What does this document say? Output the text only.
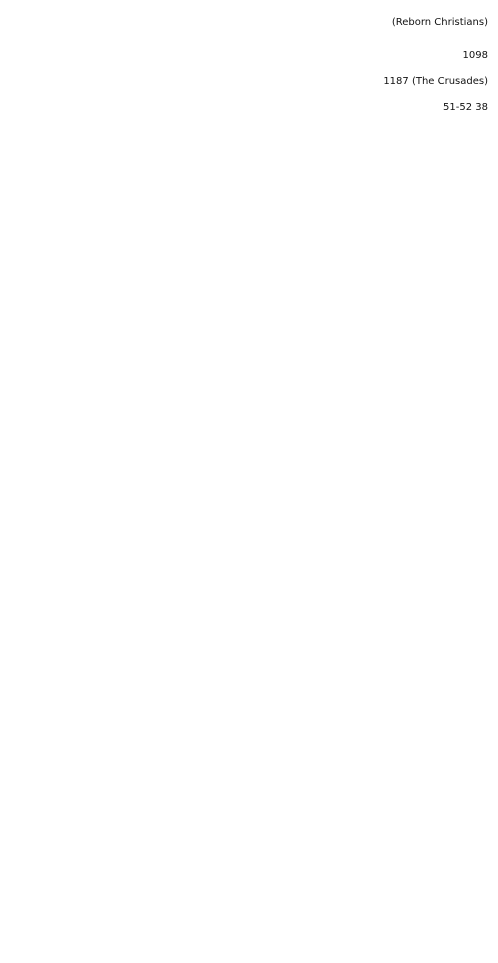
(Reborn Christians)

1098

1187 (The Crusades)

51-52 38
